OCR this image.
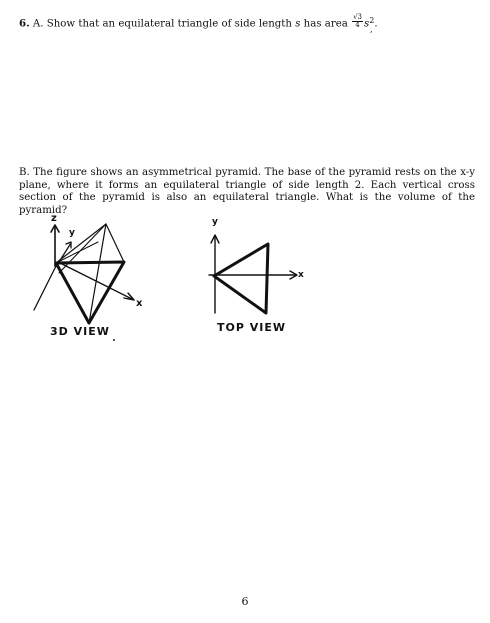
6. A. Show that an equilateral triangle of side length s has area $\frac{√3}{4} s^2$.
,
B. The figure shows an asymmetrical pyramid. The base of the pyramid rests on the x-y plane, where it forms an equilateral triangle of side length 2. Each vertical cross section of the pyramid is also an equilateral triangle. What is the volume of the pyramid?
z
y
x
3D VIEW
y
x
TOP VIEW
6
